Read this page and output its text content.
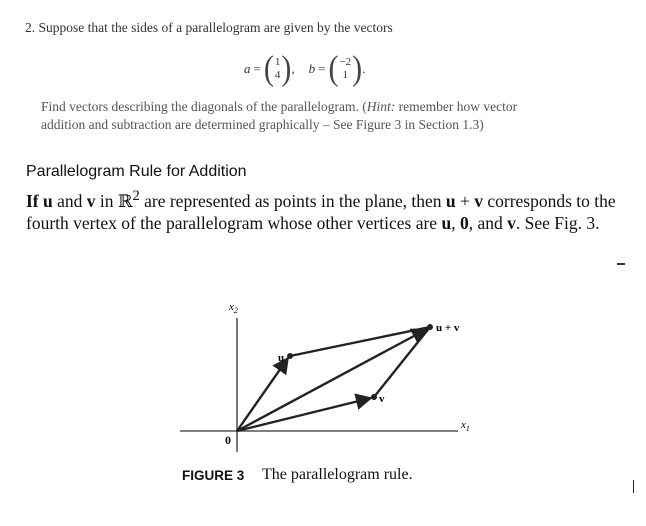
2. Suppose that the sides of a parallelogram are given by the vectors
a = ( 1
4 ) , b = ( −2
1 ) .
Find vectors describing the diagonals of the parallelogram. (Hint: remember how vector
addition and subtraction are determined graphically – See Figure 3 in Section 1.3)
Parallelogram Rule for Addition
If u and v in ℝ$^2$ are represented as points in the plane, then u + v corresponds to the fourth vertex of the parallelogram whose other vertices are u, 0, and v. See Fig. 3.
u
v
u + v
0
$x_1$
$x_2$
FIGURE 3 The parallelogram rule.
